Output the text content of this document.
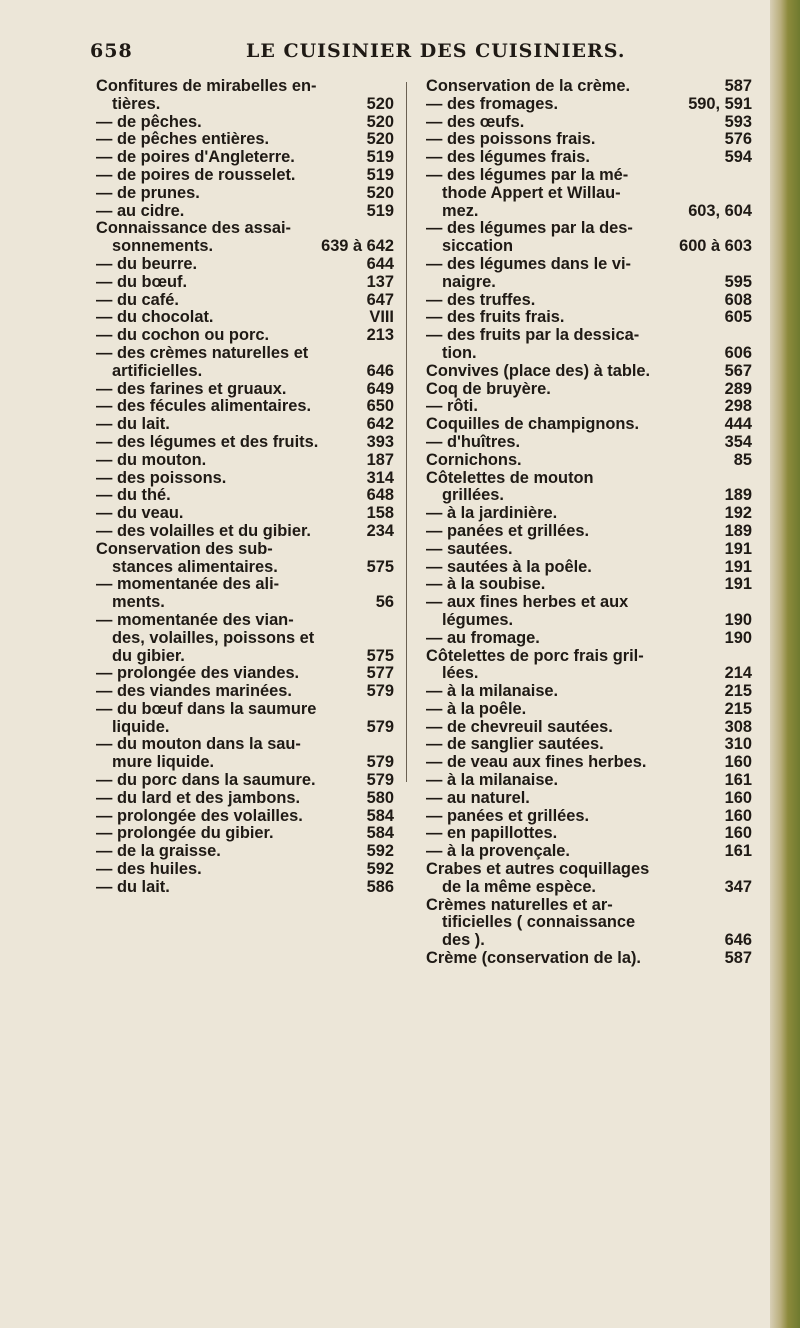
658	LE CUISINIER DES CUISINIERS.
Confitures de mirabelles en-
tières.	520
— de pêches.	520
— de pêches entières.	520
— de poires d'Angleterre.	519
— de poires de rousselet.	519
— de prunes.	520
— au cidre.	519
Connaissance des assai-
sonnements.	639 à 642
— du beurre.	644
— du bœuf.	137
— du café.	647
— du chocolat.	VIII
— du cochon ou porc.	213
— des crèmes naturelles et
artificielles.	646
— des farines et gruaux.	649
— des fécules alimentaires.	650
— du lait.	642
— des légumes et des fruits.	393
— du mouton.	187
— des poissons.	314
— du thé.	648
— du veau.	158
— des volailles et du gibier.	234
Conservation des sub-
stances alimentaires.	575
— momentanée des ali-
ments.	56
— momentanée des vian-
des, volailles, poissons et
du gibier.	575
— prolongée des viandes.	577
— des viandes marinées.	579
— du bœuf dans la saumure
liquide.	579
— du mouton dans la sau-
mure liquide.	579
— du porc dans la saumure.	579
— du lard et des jambons.	580
— prolongée des volailles.	584
— prolongée du gibier.	584
— de la graisse.	592
— des huiles.	592
— du lait.	586
Conservation de la crème.	587
— des fromages.	590, 591
— des œufs.	593
— des poissons frais.	576
— des légumes frais.	594
— des légumes par la mé-
thode Appert et Willau-
mez.	603, 604
— des légumes par la des-
siccation	600 à 603
— des légumes dans le vi-
naigre.	595
— des truffes.	608
— des fruits frais.	605
— des fruits par la dessica-
tion.	606
Convives (place des) à table.	567
Coq de bruyère.	289
— rôti.	298
Coquilles de champignons.	444
— d'huîtres.	354
Cornichons.	85
Côtelettes de mouton
grillées.	189
— à la jardinière.	192
— panées et grillées.	189
— sautées.	191
— sautées à la poêle.	191
— à la soubise.	191
— aux fines herbes et aux
légumes.	190
— au fromage.	190
Côtelettes de porc frais gril-
lées.	214
— à la milanaise.	215
— à la poêle.	215
— de chevreuil sautées.	308
— de sanglier sautées.	310
— de veau aux fines herbes.	160
— à la milanaise.	161
— au naturel.	160
— panées et grillées.	160
— en papillottes.	160
— à la provençale.	161
Crabes et autres coquillages
de la même espèce.	347
Crèmes naturelles et ar-
tificielles ( connaissance
des ).	646
Crème (conservation de la).	587
